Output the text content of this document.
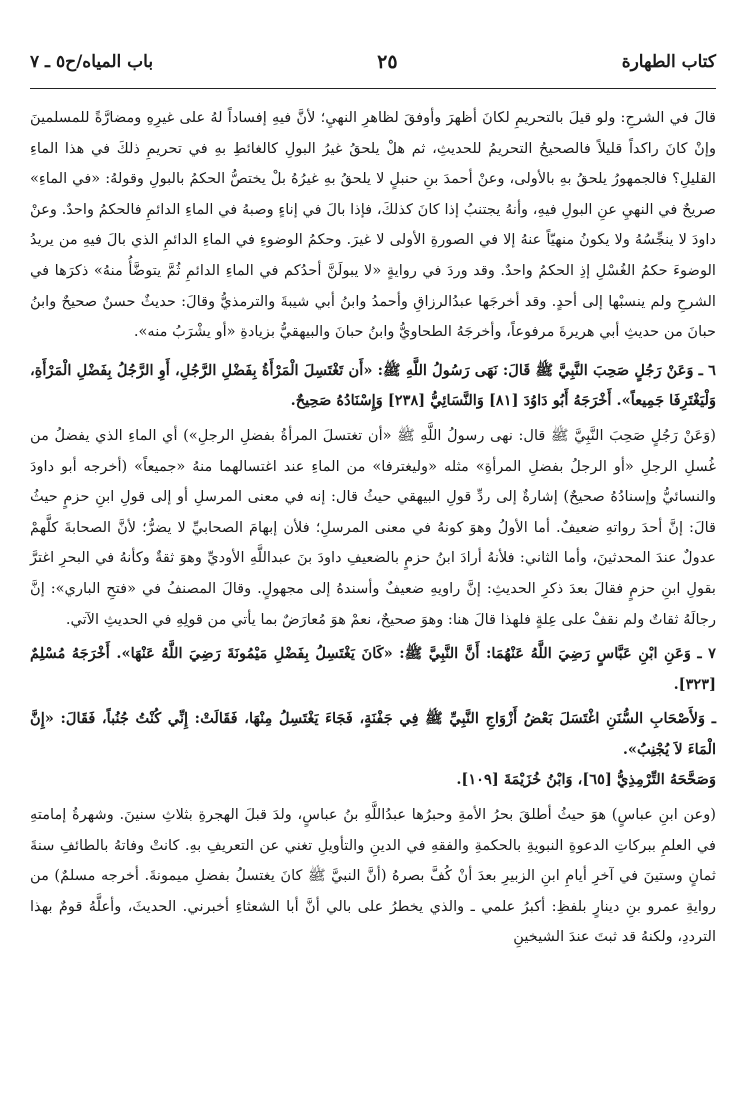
كتاب الطهارة
٢٥
باب المياه/ح٥ ـ ٧

قالَ في الشرحِ: ولو قيلَ بالتحريمِ لكانَ أظهرَ وأوفقَ لظاهرِ النهيِ؛ لأنَّ فيهِ إفساداً لهُ على غيرِهِ ومضارَّةً للمسلمينَ وإنْ كانَ راكداً قليلاً فالصحيحُ التحريمُ للحديثِ، ثم هلْ يلحقُ غيرُ البولِ كالغائطِ بهِ في تحريمِ ذلكَ في هذا الماءِ القليلِ؟ فالجمهورُ يلحقُ بهِ بالأولى، وعنْ أحمدَ بنِ حنبلٍ لا يلحقُ بهِ غيرُهُ بلْ يختصُّ الحكمُ بالبولِ وقولهُ: «في الماءِ» صريحٌ في النهيِ عنِ البولِ فيهِ، وأنهُ يجتنبُ إذا كانَ كذلكَ، فإذا بالَ في إناءٍ وصبهُ في الماءِ الدائمِ فالحكمُ واحدٌ. وعنْ داودَ لا ينجِّسُهُ ولا يكونُ منهيّاً عنهُ إلا في الصورةِ الأولى لا غيرَ. وحكمُ الوضوءِ في الماءِ الدائمِ الذي بالَ فيهِ من يريدُ الوضوءَ حكمُ الغُسْلِ إذِ الحكمُ واحدٌ. وقد وردَ في روايةٍ «لا يبولَنَّ أحدُكم في الماءِ الدائمِ ثُمَّ يتوضَّأُ منهُ» ذكرَها في الشرحِ ولم ينسبْها إلى أحدٍ. وقد أخرجَها عبدُالرزاقِ وأحمدُ وابنُ أبي شيبةَ والترمذيُّ وقالَ: حديثٌ حسنٌ صحيحٌ وابنُ حبانَ من حديثِ أبي هريرةَ مرفوعاً، وأخرجَهُ الطحاويُّ وابنُ حبانَ والبيهقيُّ بزيادةِ «أو يشْرَبُ منه».

٦ ـ وَعَنْ رَجُلٍ صَحِبَ النَّبِيَّ ﷺ قَالَ: نَهَى رَسُولُ اللَّهِ ﷺ: «أَن تَغْتَسِلَ الْمَرْأَةُ بِفَضْلِ الرَّجُلِ، أَوِ الرَّجُلُ بِفَضْلِ الْمَرْأَةِ، وَلْيَغْتَرِفَا جَمِيعاً». أَخْرَجَهُ أَبُو دَاوُدَ [٨١] وَالنَّسَائِيُّ [٢٣٨] وَإِسْنَادُهُ صَحِيحٌ.

(وَعَنْ رَجُلٍ صَحِبَ النَّبِيَّ ﷺ قال: نهى رسولُ اللَّهِ ﷺ «أن تغتسلَ المرأةُ بفضلِ الرجلِ») أي الماءِ الذي يفضلُ من غُسلِ الرجلِ «أو الرجلُ بفضلِ المرأةِ» مثله «وليغترفا» من الماءِ عند اغتسالهما منهُ «جميعاً» (أخرجه أبو داودَ والنسائيُّ وإسنادُهُ صحيحٌ) إشارةٌ إلى ردِّ قولِ البيهقي حيثُ قال: إنه في معنى المرسلِ أو إلى قولِ ابنِ حزمٍ حيثُ قالَ: إنَّ أحدَ رواتهِ ضعيفٌ. أما الأولُ وهوَ كونهُ في معنى المرسلِ؛ فلأن إبهامَ الصحابيِّ لا يضرُّ؛ لأنَّ الصحابةَ كلَّهمْ عدولٌ عندَ المحدثينَ، وأما الثاني: فلأنهُ أرادَ ابنُ حزمٍ بالضعيفِ داودَ بنَ عبداللَّهِ الأوديِّ وهوَ ثقةٌ وكأنهُ في البحرِ اغترَّ بقولِ ابنِ حزمٍ فقالَ بعدَ ذكرِ الحديثِ: إنَّ راويهِ ضعيفٌ وأسندهُ إلى مجهولٍ. وقالَ المصنفُ في «فتحِ الباري»: إنَّ رجالَهُ ثقاتٌ ولم نقفْ على عِلةٍ فلهذا قالَ هنا: وهوَ صحيحٌ، نعمْ هوَ مُعارَضٌ بما يأتي من قولِهِ في الحديثِ الآتي.

٧ ـ وَعَنِ ابْنِ عَبَّاسٍ رَضِيَ اللَّهُ عَنْهُمَا: أَنَّ النَّبِيَّ ﷺ: «كَانَ يَغْتَسِلُ بِفَضْلِ مَيْمُونَةَ رَضِيَ اللَّهُ عَنْهَا». أَخْرَجَهُ مُسْلِمٌ [٣٢٣].

ـ وَلأَصْحَابِ السُّنَنِ اغْتَسَلَ بَعْضُ أَزْوَاجِ النَّبِيِّ ﷺ فِي جَفْنَةٍ، فَجَاءَ يَغْتَسِلُ مِنْهَا، فَقَالَتْ: إِنِّي كُنْتُ جُنُباً، فَقَالَ: «إِنَّ الْمَاءَ لاَ يُجْنِبُ».

وَصَحَّحَهُ التِّرْمِذِيُّ [٦٥]، وَابْنُ خُزَيْمَةَ [١٠٩].

(وعن ابنِ عباسٍ) هوَ حيثُ أطلقَ بحرُ الأمةِ وحبرُها عبدُاللَّهِ بنُ عباسٍ، ولدَ قبلَ الهجرةِ بثلاثِ سنينَ. وشهرةُ إمامتهِ في العلمِ ببركاتِ الدعوةِ النبويةِ بالحكمةِ والفقهِ في الدينِ والتأويلِ تغني عن التعريفِ بهِ. كانتْ وفاتهُ بالطائفِ سنةَ ثمانٍ وستينَ في آخرِ أيامِ ابنِ الزبيرِ بعدَ أنْ كُفَّ بصرهُ (أنَّ النبيَّ ﷺ كانَ يغتسلُ بفضلِ ميمونةَ. أخرجه مسلمٌ) من روايةِ عمرو بنِ دينارٍ بلفظِ: أكبرُ علمي ـ والذي يخطرُ على بالي أنَّ أبا الشعثاءِ أخبرني. الحديثَ، وأعلَّهُ قومٌ بهذا الترددِ، ولكنهُ قد ثبتَ عندَ الشيخينِ
